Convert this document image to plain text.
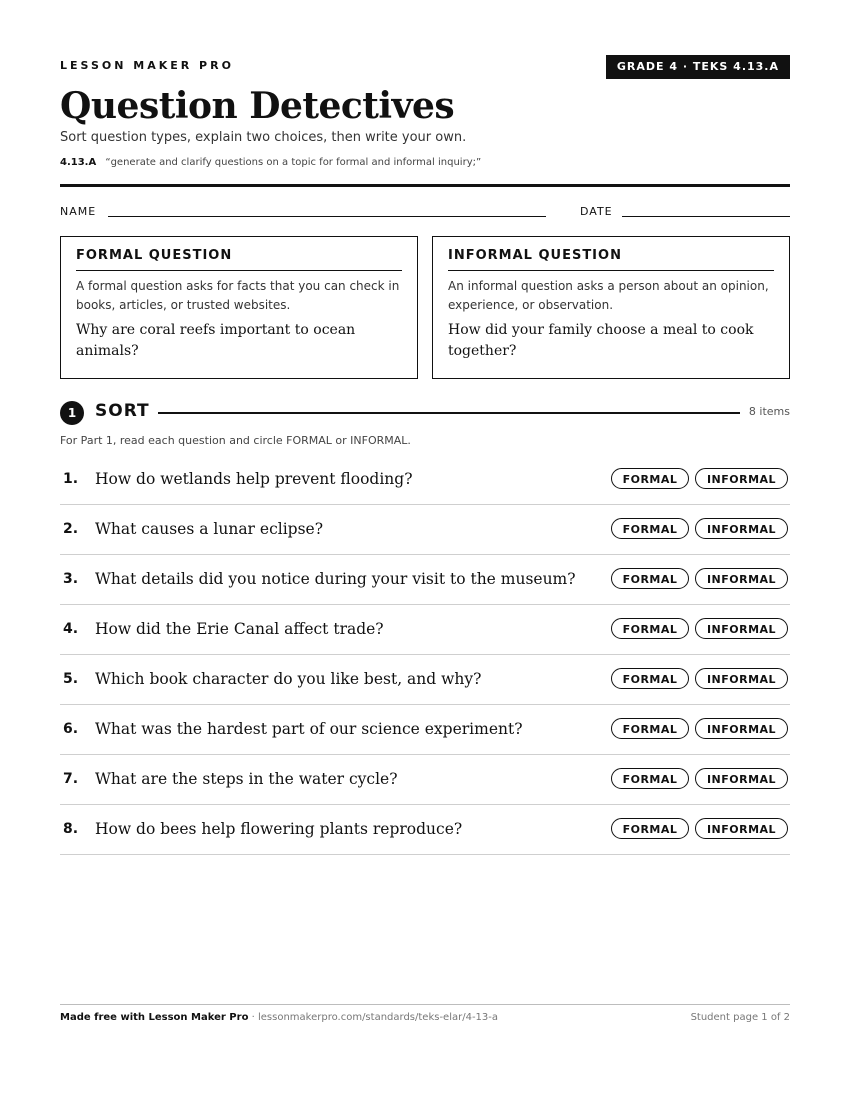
LESSON MAKER PRO	GRADE 4 · TEKS 4.13.A
Question Detectives
Sort question types, explain two choices, then write your own.
4.13.A “generate and clarify questions on a topic for formal and informal inquiry;”
NAME	DATE
FORMAL QUESTION
A formal question asks for facts that you can check in books, articles, or trusted websites.
Why are coral reefs important to ocean animals?
INFORMAL QUESTION
An informal question asks a person about an opinion, experience, or observation.
How did your family choose a meal to cook together?
1	SORT	8 items
For Part 1, read each question and circle FORMAL or INFORMAL.
1. How do wetlands help prevent flooding?	FORMAL	INFORMAL
2. What causes a lunar eclipse?	FORMAL	INFORMAL
3. What details did you notice during your visit to the museum?	FORMAL	INFORMAL
4. How did the Erie Canal affect trade?	FORMAL	INFORMAL
5. Which book character do you like best, and why?	FORMAL	INFORMAL
6. What was the hardest part of our science experiment?	FORMAL	INFORMAL
7. What are the steps in the water cycle?	FORMAL	INFORMAL
8. How do bees help flowering plants reproduce?	FORMAL	INFORMAL
Made free with Lesson Maker Pro · lessonmakerpro.com/standards/teks-elar/4-13-a	Student page 1 of 2
